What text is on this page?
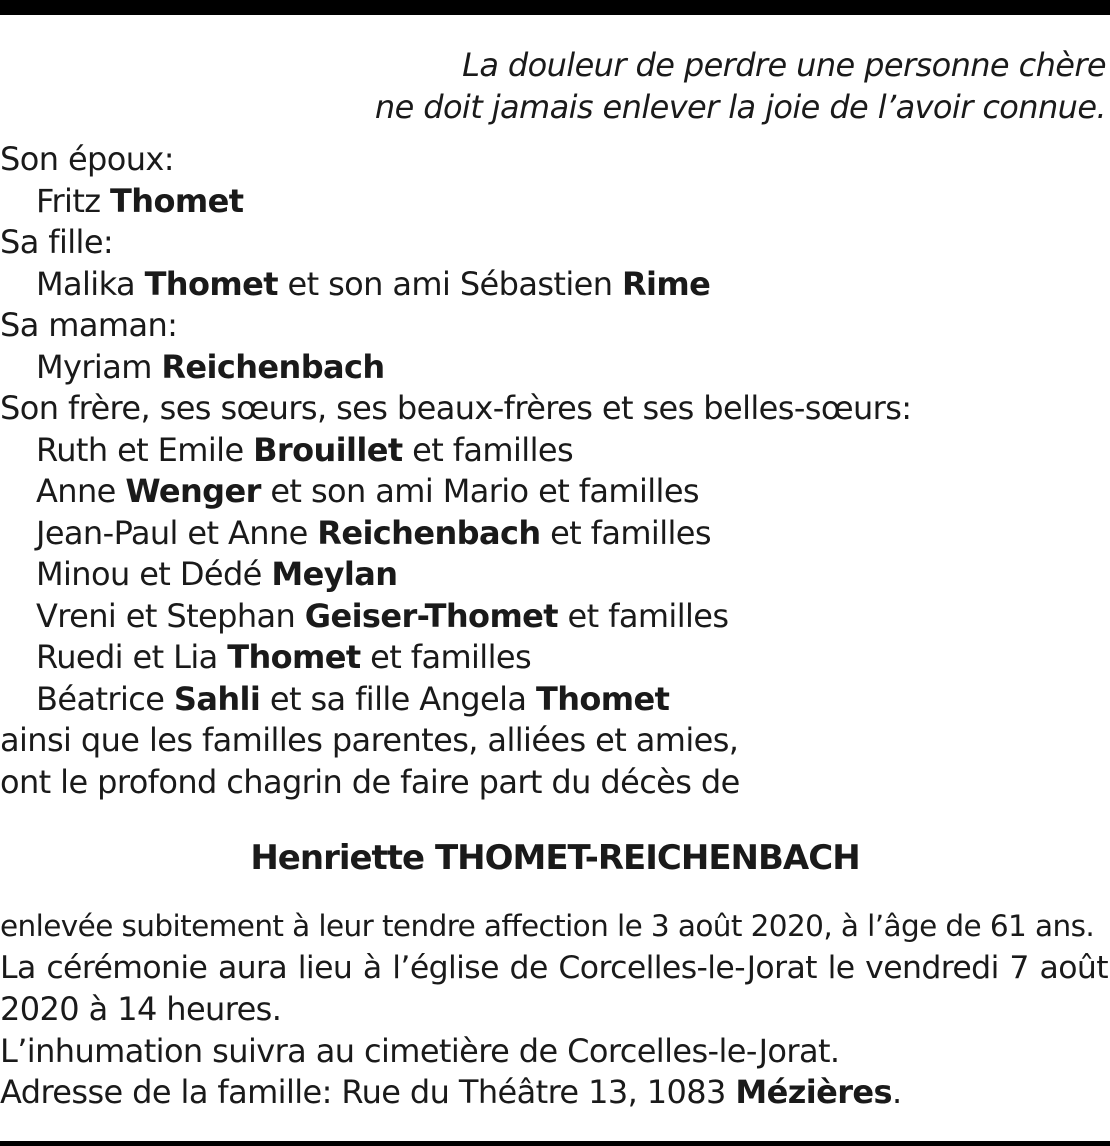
La douleur de perdre une personne chère
ne doit jamais enlever la joie de l’avoir connue.
Son époux:
Fritz Thomet
Sa fille:
Malika Thomet et son ami Sébastien Rime
Sa maman:
Myriam Reichenbach
Son frère, ses sœurs, ses beaux-frères et ses belles-sœurs:
Ruth et Emile Brouillet et familles
Anne Wenger et son ami Mario et familles
Jean-Paul et Anne Reichenbach et familles
Minou et Dédé Meylan
Vreni et Stephan Geiser-Thomet et familles
Ruedi et Lia Thomet et familles
Béatrice Sahli et sa fille Angela Thomet
ainsi que les familles parentes, alliées et amies,
ont le profond chagrin de faire part du décès de
Henriette THOMET-REICHENBACH
enlevée subitement à leur tendre affection le 3 août 2020, à l’âge de 61 ans.
La cérémonie aura lieu à l’église de Corcelles-le-Jorat le vendredi 7 août
2020 à 14 heures.
L’inhumation suivra au cimetière de Corcelles-le-Jorat.
Adresse de la famille: Rue du Théâtre 13, 1083 Mézières.
